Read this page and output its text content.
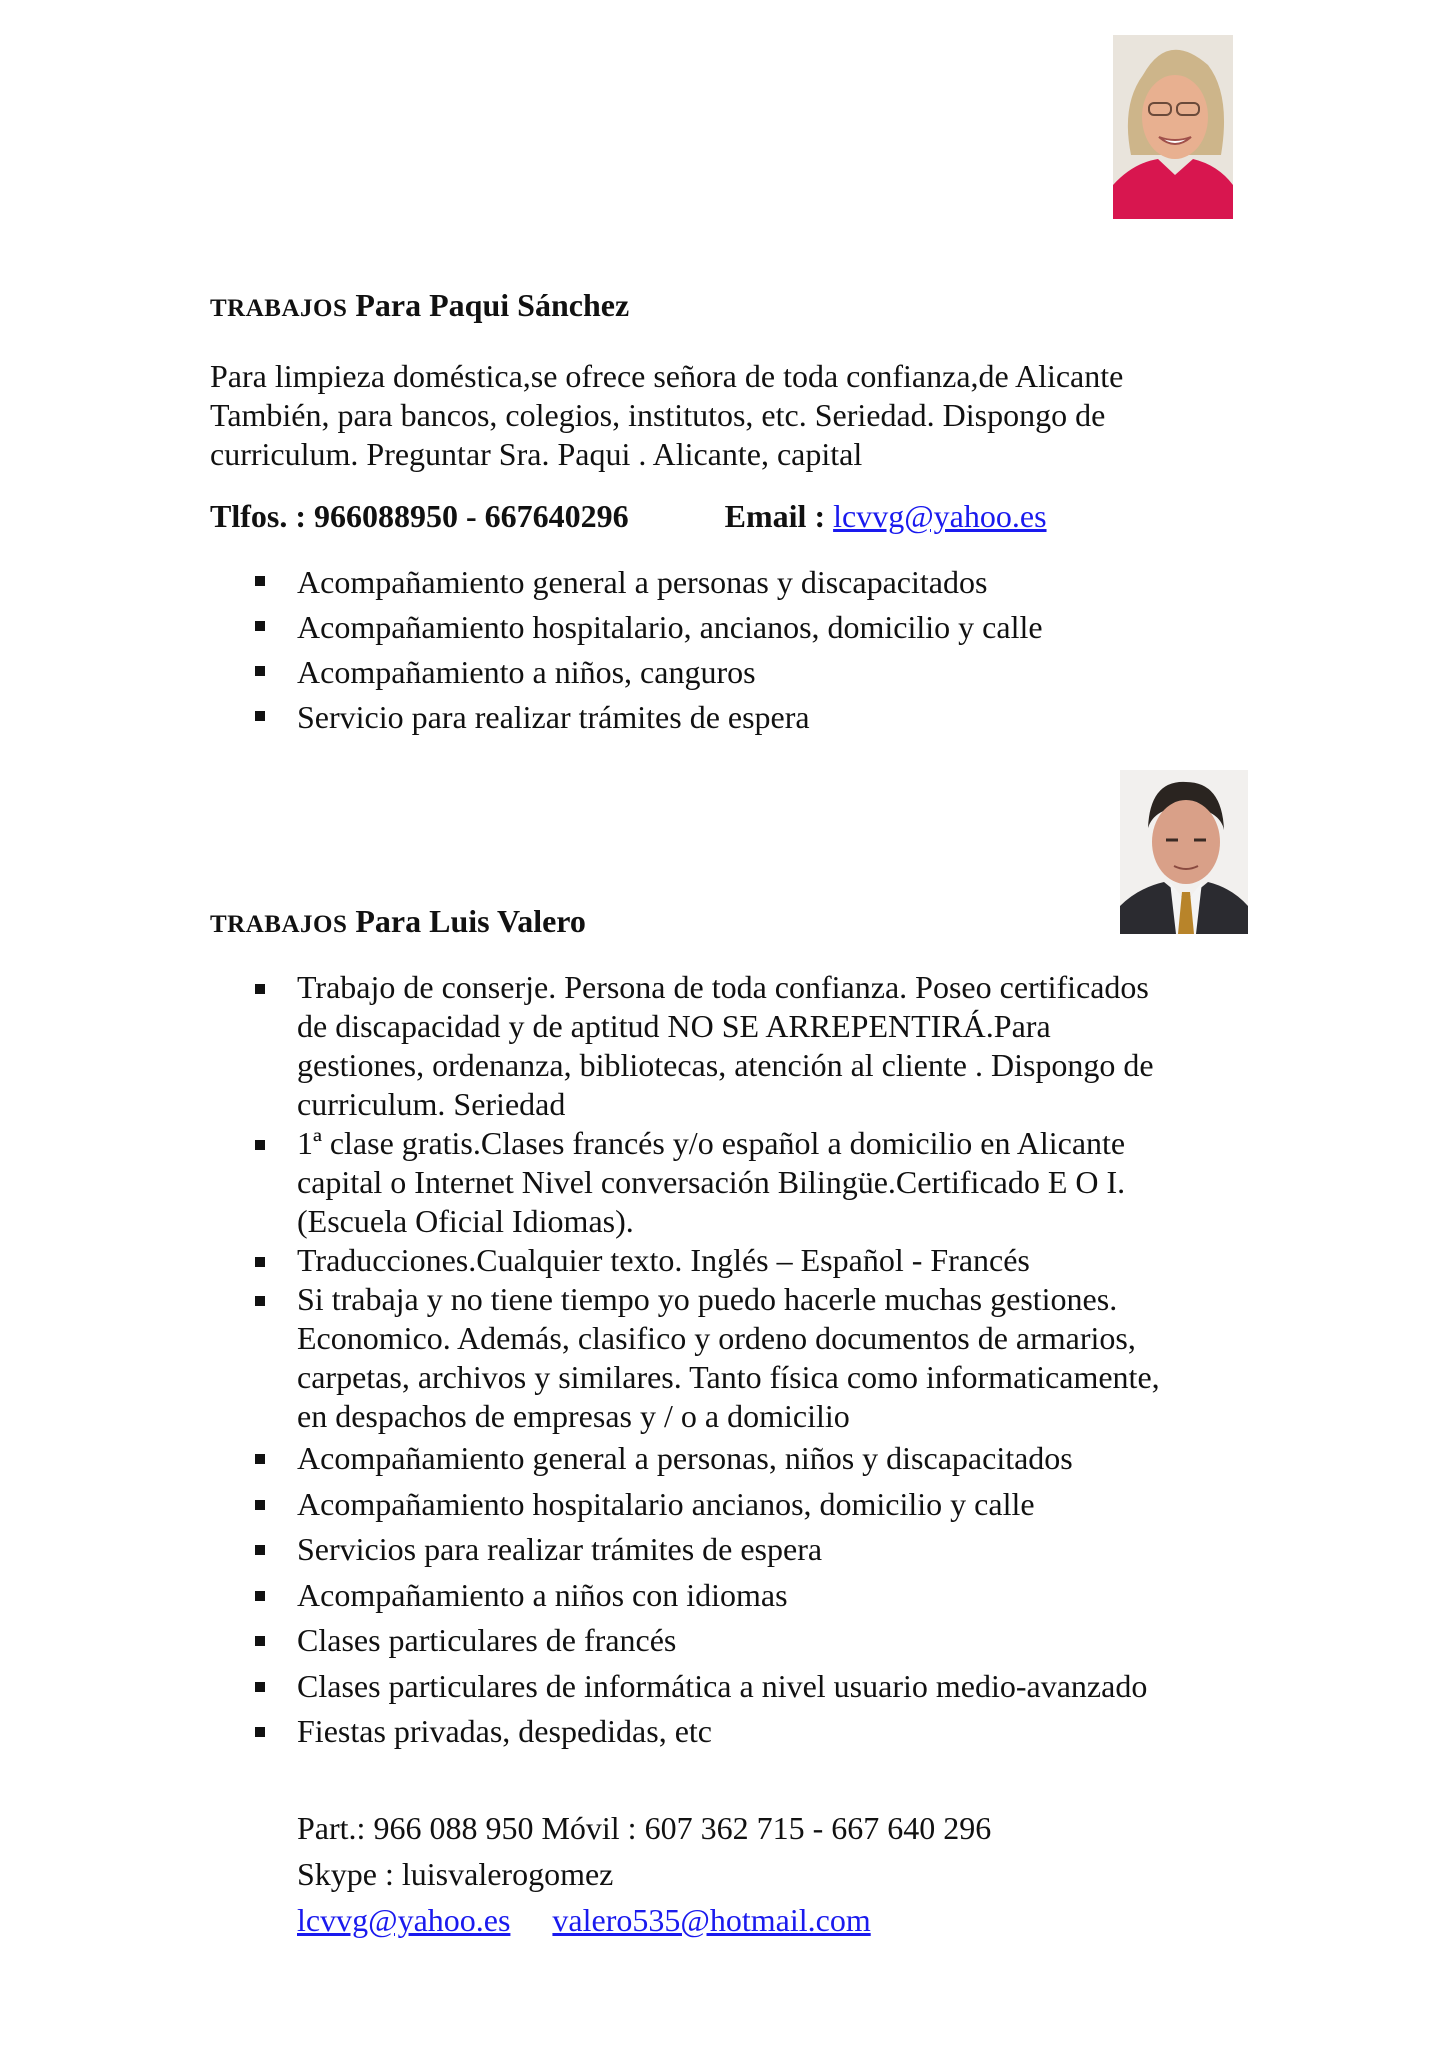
TRABAJOS Para Paqui Sánchez
Para limpieza doméstica,se ofrece señora de toda confianza,de Alicante
También, para bancos, colegios, institutos, etc. Seriedad. Dispongo de
curriculum. Preguntar Sra. Paqui . Alicante, capital
Tlfos. : 966088950 - 667640296	Email : lcvvg@yahoo.es
Acompañamiento general a personas y discapacitados
Acompañamiento hospitalario, ancianos, domicilio y calle
Acompañamiento a niños, canguros
Servicio para realizar trámites de espera
TRABAJOS Para Luis Valero
Trabajo de conserje. Persona de toda confianza. Poseo certificados
de discapacidad y de aptitud NO SE ARREPENTIRÁ.Para
gestiones, ordenanza, bibliotecas, atención al cliente . Dispongo de
curriculum. Seriedad
1ª clase gratis.Clases francés y/o español a domicilio en Alicante
capital o Internet Nivel conversación Bilingüe.Certificado E O I.
(Escuela Oficial Idiomas).
Traducciones.Cualquier texto. Inglés – Español - Francés
Si trabaja y no tiene tiempo yo puedo hacerle muchas gestiones.
Economico. Además, clasifico y ordeno documentos de armarios,
carpetas, archivos y similares. Tanto física como informaticamente,
en despachos de empresas y / o a domicilio
Acompañamiento general a personas, niños y discapacitados
Acompañamiento hospitalario ancianos, domicilio y calle
Servicios para realizar trámites de espera
Acompañamiento a niños con idiomas
Clases particulares de francés
Clases particulares de informática a nivel usuario medio-avanzado
Fiestas privadas, despedidas, etc
Part.: 966 088 950 Móvil : 607 362 715 - 667 640 296
Skype : luisvalerogomez
lcvvg@yahoo.es valero535@hotmail.com
